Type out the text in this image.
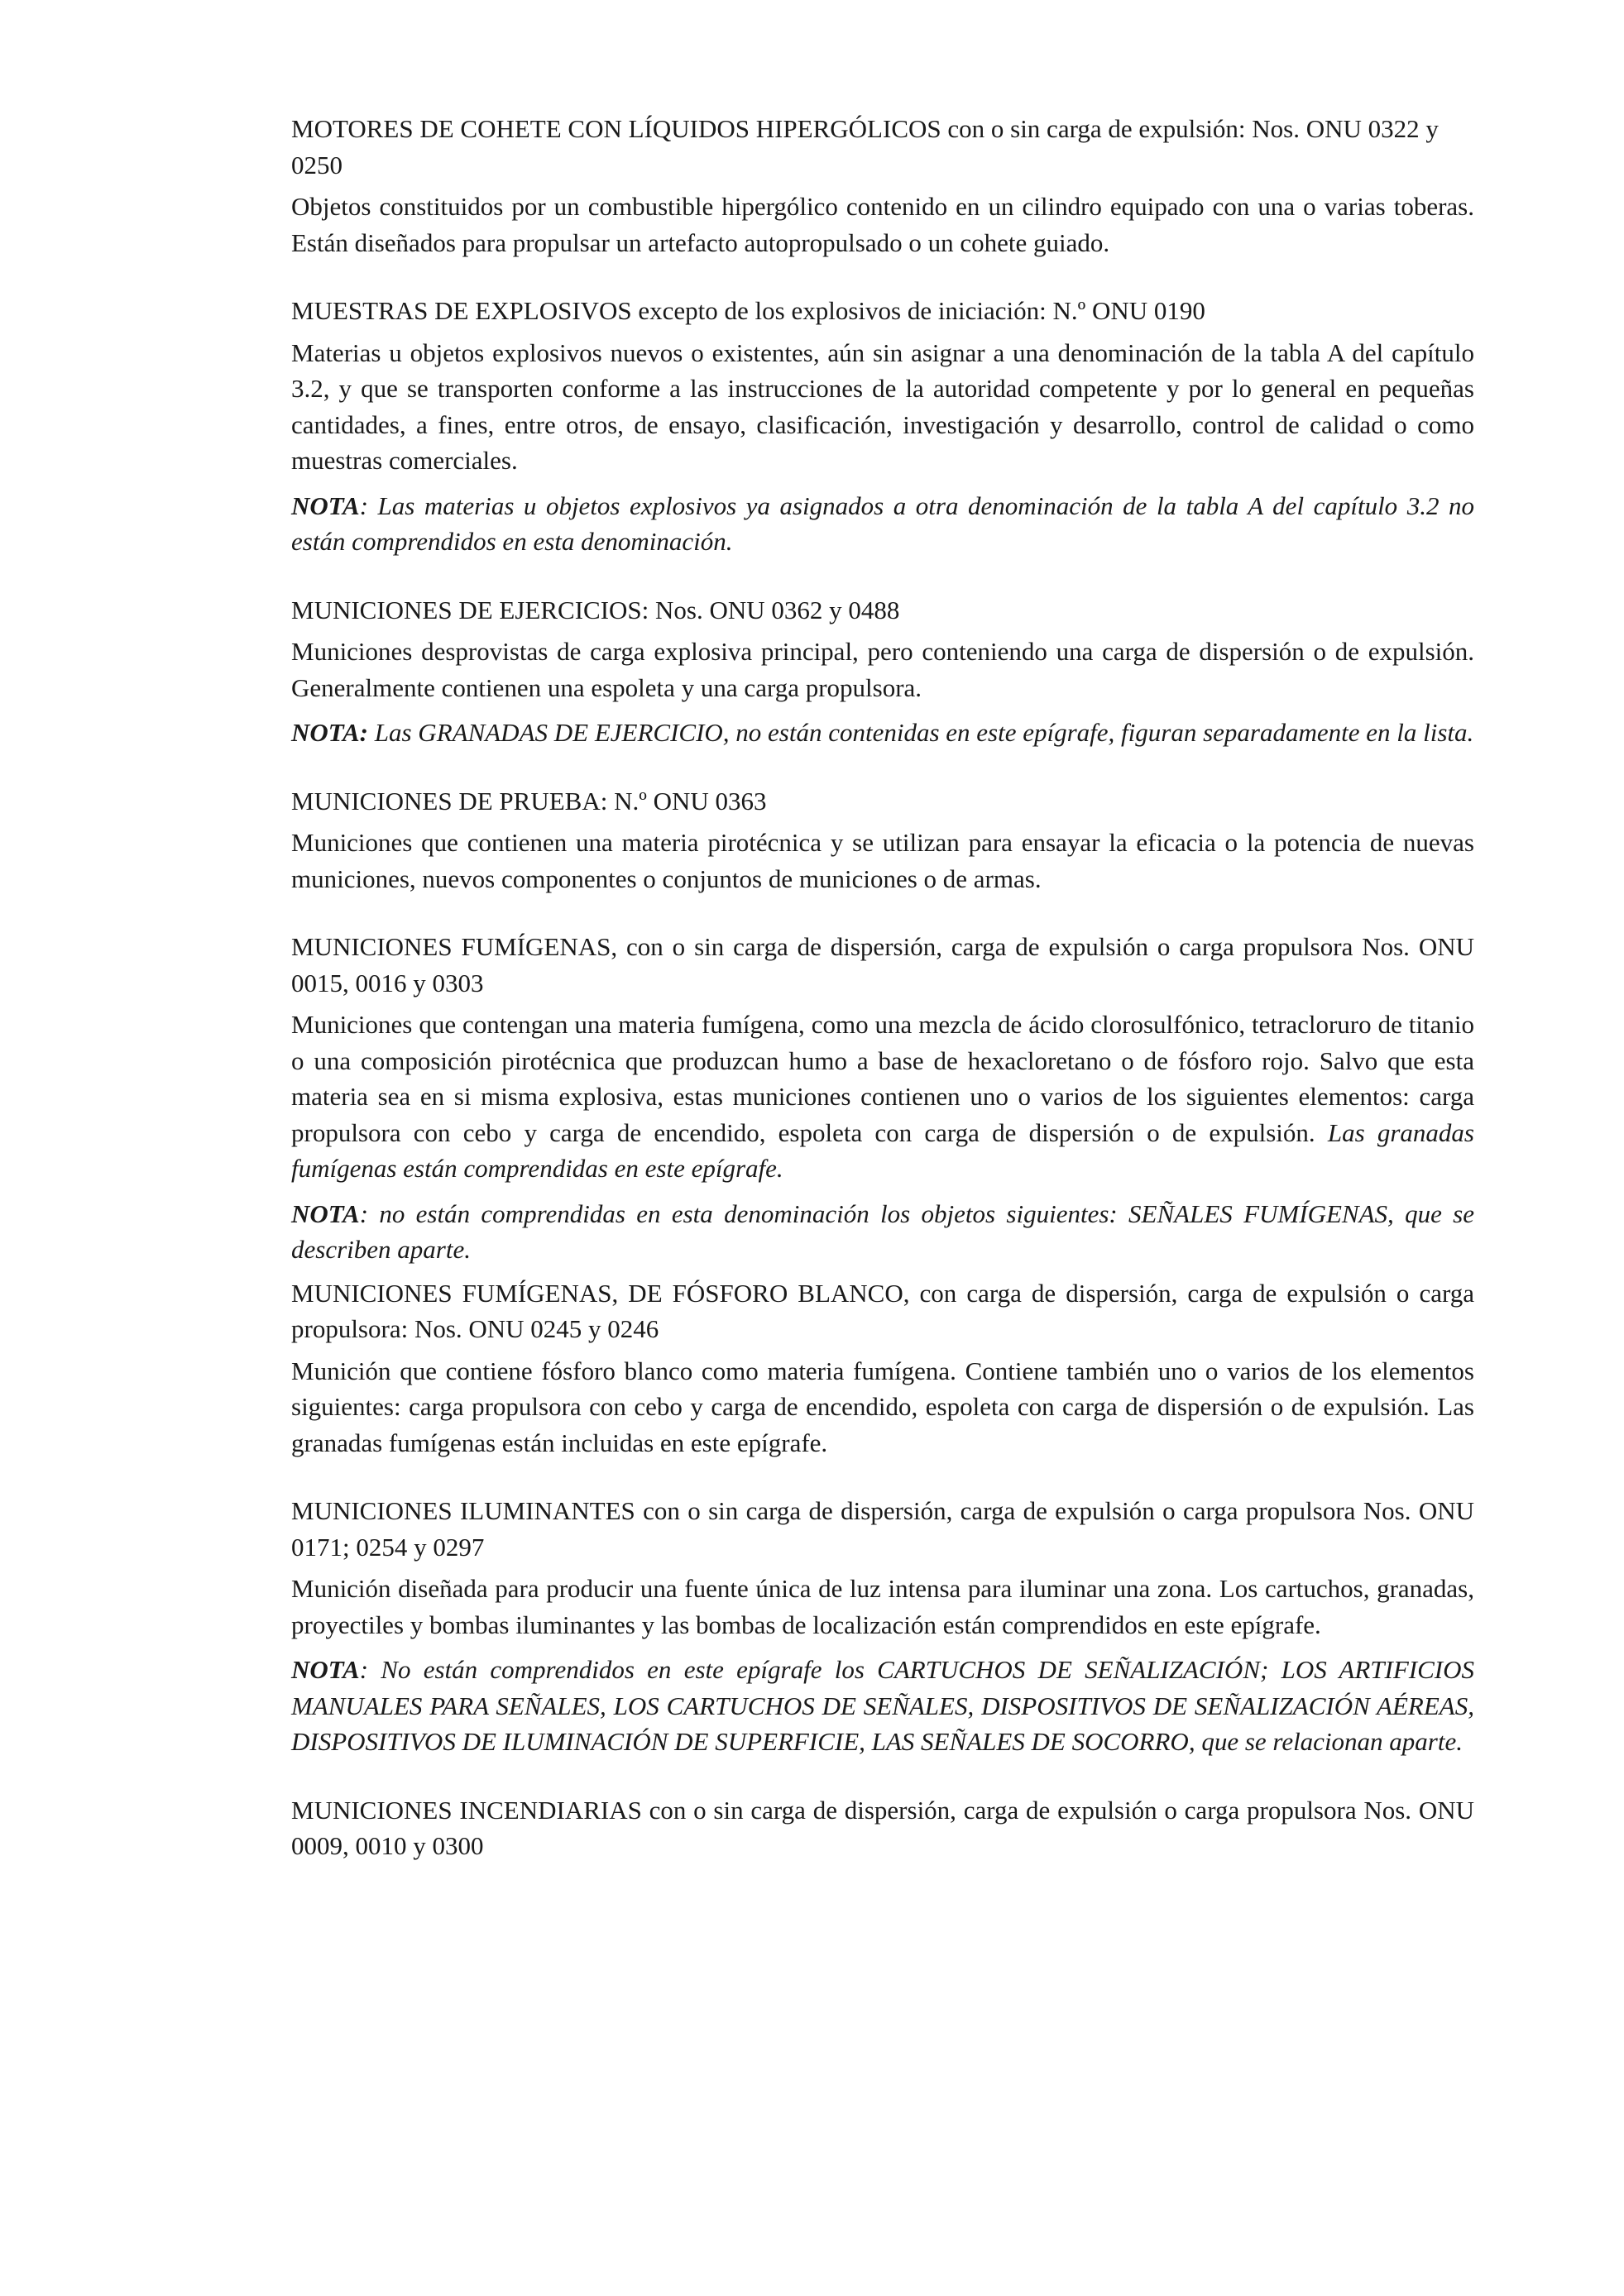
MOTORES DE COHETE CON LÍQUIDOS HIPERGÓLICOS con o sin carga de expulsión: Nos. ONU 0322 y 0250

Objetos constituidos por un combustible hipergólico contenido en un cilindro equipado con una o varias toberas. Están diseñados para propulsar un artefacto autopropulsado o un cohete guiado.

MUESTRAS DE EXPLOSIVOS excepto de los explosivos de iniciación: N.º ONU 0190

Materias u objetos explosivos nuevos o existentes, aún sin asignar a una denominación de la tabla A del capítulo 3.2, y que se transporten conforme a las instrucciones de la autoridad competente y por lo general en pequeñas cantidades, a fines, entre otros, de ensayo, clasificación, investigación y desarrollo, control de calidad o como muestras comerciales.

NOTA: Las materias u objetos explosivos ya asignados a otra denominación de la tabla A del capítulo 3.2 no están comprendidos en esta denominación.

MUNICIONES DE EJERCICIOS: Nos. ONU 0362 y 0488

Municiones desprovistas de carga explosiva principal, pero conteniendo una carga de dispersión o de expulsión. Generalmente contienen una espoleta y una carga propulsora.

NOTA: Las GRANADAS DE EJERCICIO, no están contenidas en este epígrafe, figuran separadamente en la lista.

MUNICIONES DE PRUEBA: N.º ONU 0363

Municiones que contienen una materia pirotécnica y se utilizan para ensayar la eficacia o la potencia de nuevas municiones, nuevos componentes o conjuntos de municiones o de armas.

MUNICIONES FUMÍGENAS, con o sin carga de dispersión, carga de expulsión o carga propulsora Nos. ONU 0015, 0016 y 0303

Municiones que contengan una materia fumígena, como una mezcla de ácido clorosulfónico, tetracloruro de titanio o una composición pirotécnica que produzcan humo a base de hexacloretano o de fósforo rojo. Salvo que esta materia sea en si misma explosiva, estas municiones contienen uno o varios de los siguientes elementos: carga propulsora con cebo y carga de encendido, espoleta con carga de dispersión o de expulsión. Las granadas fumígenas están comprendidas en este epígrafe.

NOTA: no están comprendidas en esta denominación los objetos siguientes: SEÑALES FUMÍGENAS, que se describen aparte.

MUNICIONES FUMÍGENAS, DE FÓSFORO BLANCO, con carga de dispersión, carga de expulsión o carga propulsora: Nos. ONU 0245 y 0246

Munición que contiene fósforo blanco como materia fumígena. Contiene también uno o varios de los elementos siguientes: carga propulsora con cebo y carga de encendido, espoleta con carga de dispersión o de expulsión. Las granadas fumígenas están incluidas en este epígrafe.

MUNICIONES ILUMINANTES con o sin carga de dispersión, carga de expulsión o carga propulsora Nos. ONU 0171; 0254 y 0297

Munición diseñada para producir una fuente única de luz intensa para iluminar una zona. Los cartuchos, granadas, proyectiles y bombas iluminantes y las bombas de localización están comprendidos en este epígrafe.

NOTA: No están comprendidos en este epígrafe los CARTUCHOS DE SEÑALIZACIÓN; LOS ARTIFICIOS MANUALES PARA SEÑALES, LOS CARTUCHOS DE SEÑALES, DISPOSITIVOS DE SEÑALIZACIÓN AÉREAS, DISPOSITIVOS DE ILUMINACIÓN DE SUPERFICIE, LAS SEÑALES DE SOCORRO, que se relacionan aparte.

MUNICIONES INCENDIARIAS con o sin carga de dispersión, carga de expulsión o carga propulsora Nos. ONU 0009, 0010 y 0300
